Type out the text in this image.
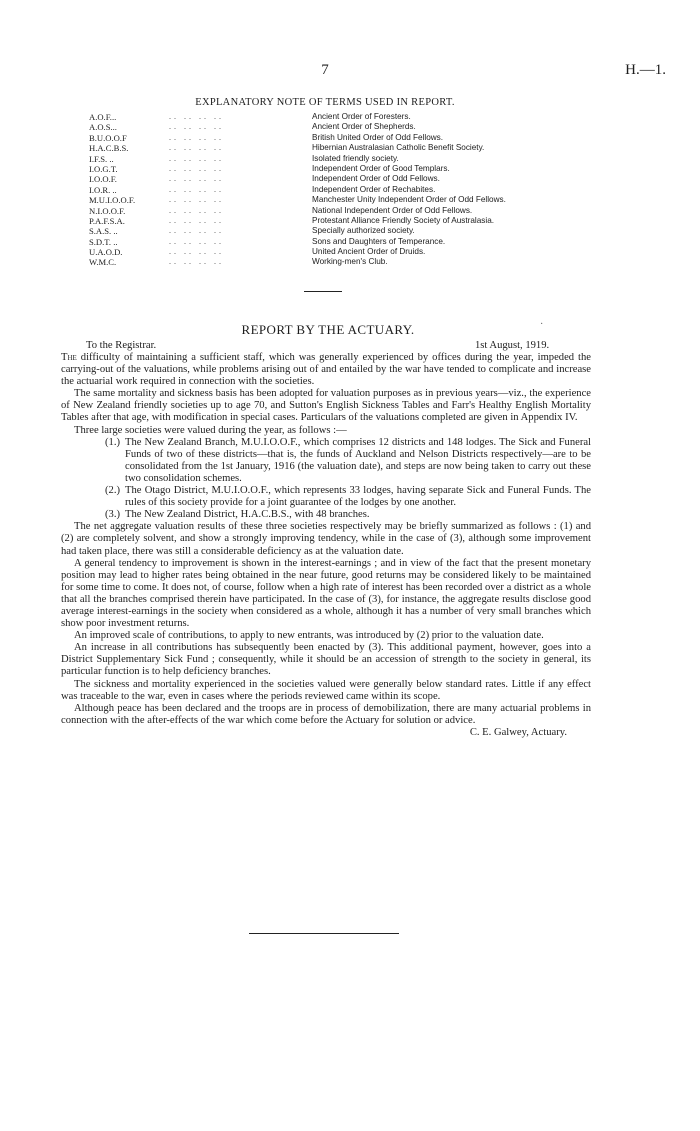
7	H.—1.
EXPLANATORY NOTE OF TERMS USED IN REPORT.
A.O.F...	.. .. .. ..	Ancient Order of Foresters.
A.O.S...	.. .. .. ..	Ancient Order of Shepherds.
B.U.O.O.F	.. .. .. ..	British United Order of Odd Fellows.
H.A.C.B.S.	.. .. .. ..	Hibernian Australasian Catholic Benefit Society.
I.F.S. ..	.. .. .. ..	Isolated friendly society.
I.O.G.T.	.. .. .. ..	Independent Order of Good Templars.
I.O.O.F.	.. .. .. ..	Independent Order of Odd Fellows.
I.O.R. ..	.. .. .. ..	Independent Order of Rechabites.
M.U.I.O.O.F.	.. .. .. ..	Manchester Unity Independent Order of Odd Fellows.
N.I.O.O.F.	.. .. .. ..	National Independent Order of Odd Fellows.
P.A.F.S.A.	.. .. .. ..	Protestant Alliance Friendly Society of Australasia.
S.A.S. ..	.. .. .. ..	Specially authorized society.
S.D.T. ..	.. .. .. ..	Sons and Daughters of Temperance.
U.A.O.D.	.. .. .. ..	United Ancient Order of Druids.
W.M.C.	.. .. .. ..	Working-men's Club.
REPORT BY THE ACTUARY.	·
To the Registrar.	1st August, 1919.

The difficulty of maintaining a sufficient staff, which was generally experienced by offices during the year, impeded the carrying-out of the valuations, while problems arising out of and entailed by the war have tended to complicate and increase the actuarial work required in connection with the societies.

The same mortality and sickness basis has been adopted for valuation purposes as in previous years—viz., the experience of New Zealand friendly societies up to age 70, and Sutton's English Sickness Tables and Farr's Healthy English Mortality Tables after that age, with modification in special cases. Particulars of the valuations completed are given in Appendix IV.

Three large societies were valued during the year, as follows :—

(1.) The New Zealand Branch, M.U.I.O.O.F., which comprises 12 districts and 148 lodges. The Sick and Funeral Funds of two of these districts—that is, the funds of Auckland and Nelson Districts respectively—are to be consolidated from the 1st January, 1916 (the valuation date), and steps are now being taken to carry out these two consolidation schemes.
(2.) The Otago District, M.U.I.O.O.F., which represents 33 lodges, having separate Sick and Funeral Funds. The rules of this society provide for a joint guarantee of the lodges by one another.
(3.) The New Zealand District, H.A.C.B.S., with 48 branches.

The net aggregate valuation results of these three societies respectively may be briefly summarized as follows : (1) and (2) are completely solvent, and show a strongly improving tendency, while in the case of (3), although some improvement had taken place, there was still a considerable deficiency as at the valuation date.

A general tendency to improvement is shown in the interest-earnings ; and in view of the fact that the present monetary position may lead to higher rates being obtained in the near future, good returns may be considered likely to be maintained for some time to come. It does not, of course, follow when a high rate of interest has been recorded over a district as a whole that all the branches comprised therein have participated. In the case of (3), for instance, the aggregate results disclose good average interest-earnings in the society when considered as a whole, although it has a number of very small branches which show poor investment returns.

An improved scale of contributions, to apply to new entrants, was introduced by (2) prior to the valuation date.

An increase in all contributions has subsequently been enacted by (3). This additional payment, however, goes into a District Supplementary Sick Fund ; consequently, while it should be an accession of strength to the society in general, its particular function is to help deficiency branches.

The sickness and mortality experienced in the societies valued were generally below standard rates. Little if any effect was traceable to the war, even in cases where the periods reviewed came within its scope.

Although peace has been declared and the troops are in process of demobilization, there are many actuarial problems in connection with the after-effects of the war which come before the Actuary for solution or advice.

C. E. Galwey, Actuary.
